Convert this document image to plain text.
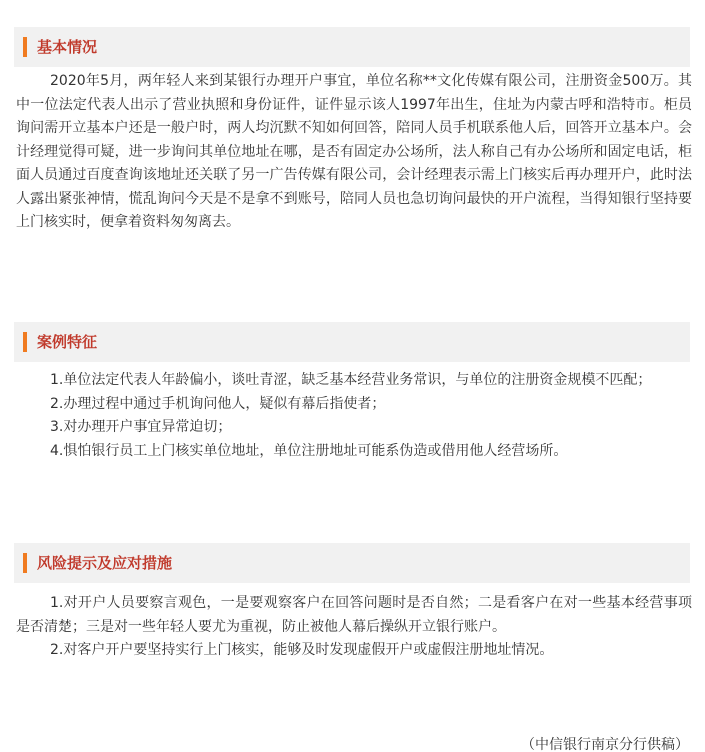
基本情况
2020年5月，两年轻人来到某银行办理开户事宜，单位名称**文化传媒有限公司，注册资金500万。其中一位法定代表人出示了营业执照和身份证件，证件显示该人1997年出生，住址为内蒙古呼和浩特市。柜员询问需开立基本户还是一般户时，两人均沉默不知如何回答，陪同人员手机联系他人后，回答开立基本户。会计经理觉得可疑，进一步询问其单位地址在哪，是否有固定办公场所，法人称自己有办公场所和固定电话，柜面人员通过百度查询该地址还关联了另一广告传媒有限公司，会计经理表示需上门核实后再办理开户，此时法人露出紧张神情，慌乱询问今天是不是拿不到账号，陪同人员也急切询问最快的开户流程，当得知银行坚持要上门核实时，便拿着资料匆匆离去。
案例特征

1.单位法定代表人年龄偏小，谈吐青涩，缺乏基本经营业务常识，与单位的注册资金规模不匹配；

2.办理过程中通过手机询问他人，疑似有幕后指使者；

3.对办理开户事宜异常迫切；

4.惧怕银行员工上门核实单位地址，单位注册地址可能系伪造或借用他人经营场所。

风险提示及应对措施

1.对开户人员要察言观色，一是要观察客户在回答问题时是否自然；二是看客户在对一些基本经营事项是否清楚；三是对一些年轻人要尤为重视，防止被他人幕后操纵开立银行账户。

2.对客户开户要坚持实行上门核实，能够及时发现虚假开户或虚假注册地址情况。

（中信银行南京分行供稿）
